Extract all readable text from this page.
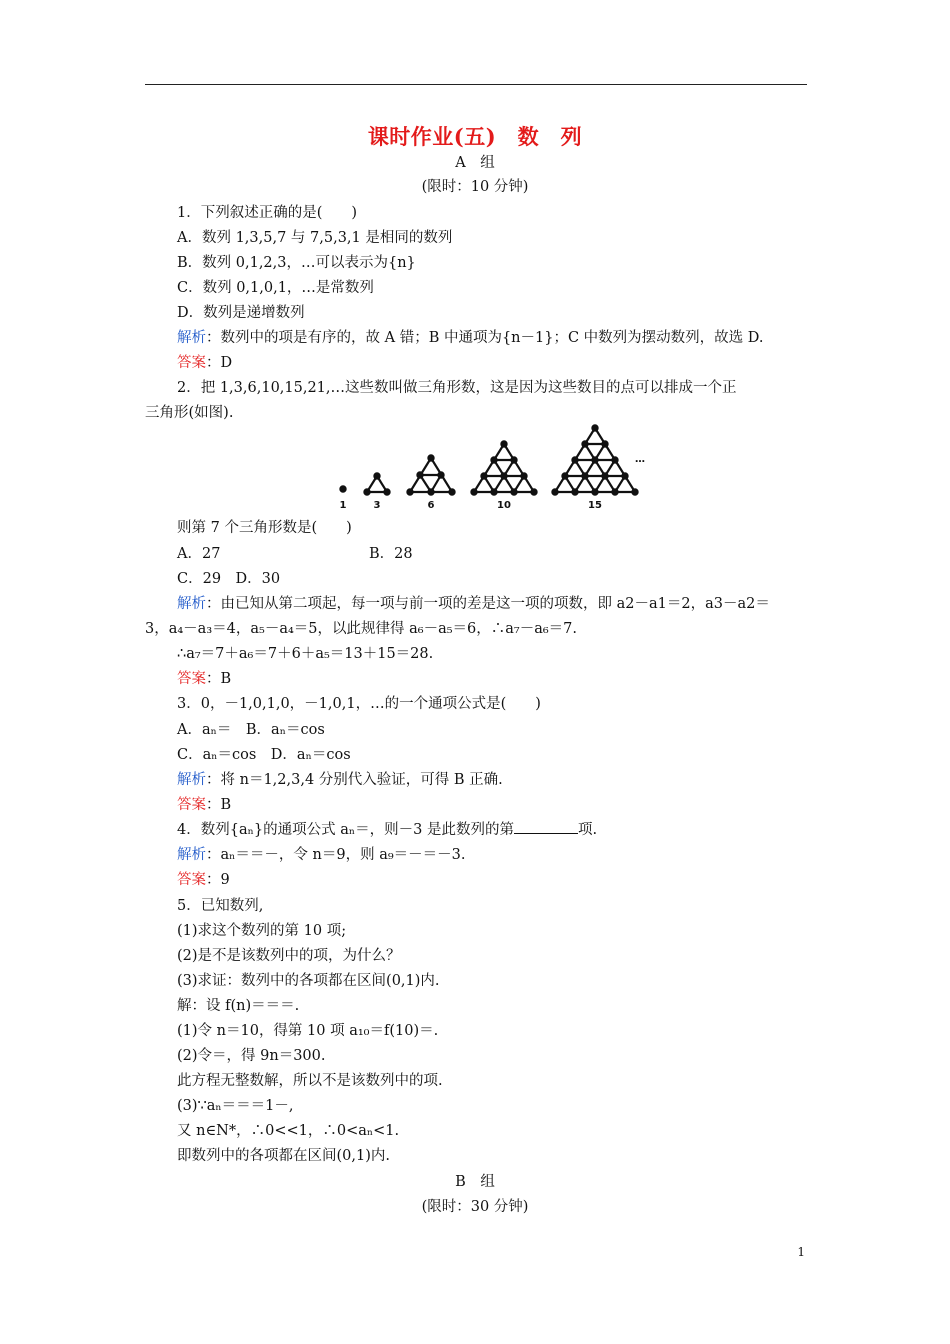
课时作业(五)　数　列
A　组
(限时：10 分钟)
1．下列叙述正确的是(　　)
A．数列 1,3,5,7 与 7,5,3,1 是相同的数列
B．数列 0,1,2,3，…可以表示为{n}
C．数列 0,1,0,1，…是常数列
D．数列是递增数列
解析：数列中的项是有序的，故 A 错；B 中通项为{n－1}；C 中数列为摆动数列，故选 D.
答案：D
2．把 1,3,6,10,15,21,…这些数叫做三角形数，这是因为这些数目的点可以排成一个正
三角形(如图).
1	3	6	10	15
…
则第 7 个三角形数是(　　)
A．27	B．28
C．29　D．30
解析：由已知从第二项起，每一项与前一项的差是这一项的项数，即 a2－a1＝2，a3－a2＝
3，a₄－a₃＝4，a₅－a₄＝5，以此规律得 a₆－a₅＝6，∴a₇－a₆＝7.
∴a₇＝7＋a₆＝7＋6＋a₅＝13＋15＝28.
答案：B
3．0，－1,0,1,0，－1,0,1，…的一个通项公式是(　　)
A．aₙ＝　B．aₙ＝cos
C．aₙ＝cos　D．aₙ＝cos
解析：将 n＝1,2,3,4 分别代入验证，可得 B 正确.
答案：B
4．数列{aₙ}的通项公式 aₙ＝，则－3 是此数列的第	项.
解析：aₙ＝＝－，令 n＝9，则 a₉＝－＝－3.
答案：9
5．已知数列,
(1)求这个数列的第 10 项;
(2)是不是该数列中的项，为什么？
(3)求证：数列中的各项都在区间(0,1)内.
解：设 f(n)＝＝＝.
(1)令 n＝10，得第 10 项 a₁₀＝f(10)＝.
(2)令＝，得 9n＝300.
此方程无整数解，所以不是该数列中的项.
(3)∵aₙ＝＝＝1－,
又 n∈N*，∴0<<1，∴0<aₙ<1.
即数列中的各项都在区间(0,1)内.
B　组
(限时：30 分钟)
1
